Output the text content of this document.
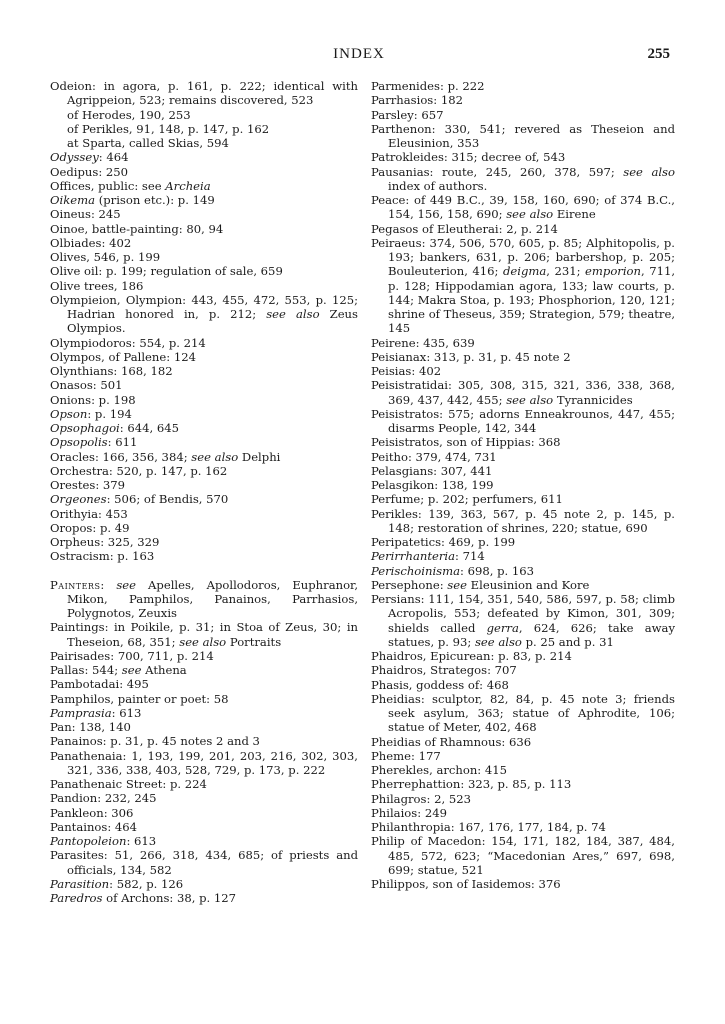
INDEX	255
Odeion: in agora, p. 161, p. 222; identical with Agrippeion, 523; remains discovered, 523
of Herodes, 190, 253
of Perikles, 91, 148, p. 147, p. 162
at Sparta, called Skias, 594
Odyssey: 464
Oedipus: 250
Offices, public: see Archeia
Oikema (prison etc.): p. 149
Oineus: 245
Oinoe, battle-painting: 80, 94
Olbiades: 402
Olives, 546, p. 199
Olive oil: p. 199; regulation of sale, 659
Olive trees, 186
Olympieion, Olympion: 443, 455, 472, 553, p. 125; Hadrian honored in, p. 212; see also Zeus Olympios.
Olympiodoros: 554, p. 214
Olympos, of Pallene: 124
Olynthians: 168, 182
Onasos: 501
Onions: p. 198
Opson: p. 194
Opsophagoi: 644, 645
Opsopolis: 611
Oracles: 166, 356, 384; see also Delphi
Orchestra: 520, p. 147, p. 162
Orestes: 379
Orgeones: 506; of Bendis, 570
Orithyia: 453
Oropos: p. 49
Orpheus: 325, 329
Ostracism: p. 163
Painters: see Apelles, Apollodoros, Euphranor, Mikon, Pamphilos, Panainos, Parrhasios, Polygnotos, Zeuxis
Paintings: in Poikile, p. 31; in Stoa of Zeus, 30; in Theseion, 68, 351; see also Portraits
Pairisades: 700, 711, p. 214
Pallas: 544; see Athena
Pambotadai: 495
Pamphilos, painter or poet: 58
Pamprasia: 613
Pan: 138, 140
Panainos: p. 31, p. 45 notes 2 and 3
Panathenaia: 1, 193, 199, 201, 203, 216, 302, 303, 321, 336, 338, 403, 528, 729, p. 173, p. 222
Panathenaic Street: p. 224
Pandion: 232, 245
Pankleon: 306
Pantainos: 464
Pantopoleion: 613
Parasites: 51, 266, 318, 434, 685; of priests and officials, 134, 582
Parasition: 582, p. 126
Paredros of Archons: 38, p. 127
Parmenides: p. 222
Parrhasios: 182
Parsley: 657
Parthenon: 330, 541; revered as Theseion and Eleusinion, 353
Patrokleides: 315; decree of, 543
Pausanias: route, 245, 260, 378, 597; see also index of authors.
Peace: of 449 B.C., 39, 158, 160, 690; of 374 B.C., 154, 156, 158, 690; see also Eirene
Pegasos of Eleutherai: 2, p. 214
Peiraeus: 374, 506, 570, 605, p. 85; Alphitopolis, p. 193; bankers, 631, p. 206; barbershop, p. 205; Bouleuterion, 416; deigma, 231; emporion, 711, p. 128; Hippodamian agora, 133; law courts, p. 144; Makra Stoa, p. 193; Phosphorion, 120, 121; shrine of Theseus, 359; Strategion, 579; theatre, 145
Peirene: 435, 639
Peisianax: 313, p. 31, p. 45 note 2
Peisias: 402
Peisistratidai: 305, 308, 315, 321, 336, 338, 368, 369, 437, 442, 455; see also Tyrannicides
Peisistratos: 575; adorns Enneakrounos, 447, 455; disarms People, 142, 344
Peisistratos, son of Hippias: 368
Peitho: 379, 474, 731
Pelasgians: 307, 441
Pelasgikon: 138, 199
Perfume; p. 202; perfumers, 611
Perikles: 139, 363, 567, p. 45 note 2, p. 145, p. 148; restoration of shrines, 220; statue, 690
Peripatetics: 469, p. 199
Perirrhanteria: 714
Perischoinisma: 698, p. 163
Persephone: see Eleusinion and Kore
Persians: 111, 154, 351, 540, 586, 597, p. 58; climb Acropolis, 553; defeated by Kimon, 301, 309; shields called gerra, 624, 626; take away statues, p. 93; see also p. 25 and p. 31
Phaidros, Epicurean: p. 83, p. 214
Phaidros, Strategos: 707
Phasis, goddess of: 468
Pheidias: sculptor, 82, 84, p. 45 note 3; friends seek asylum, 363; statue of Aphrodite, 106; statue of Meter, 402, 468
Pheidias of Rhamnous: 636
Pheme: 177
Pherekles, archon: 415
Pherrephattion: 323, p. 85, p. 113
Philagros: 2, 523
Philaios: 249
Philanthropia: 167, 176, 177, 184, p. 74
Philip of Macedon: 154, 171, 182, 184, 387, 484, 485, 572, 623; “Macedonian Ares,” 697, 698, 699; statue, 521
Philippos, son of Iasidemos: 376
